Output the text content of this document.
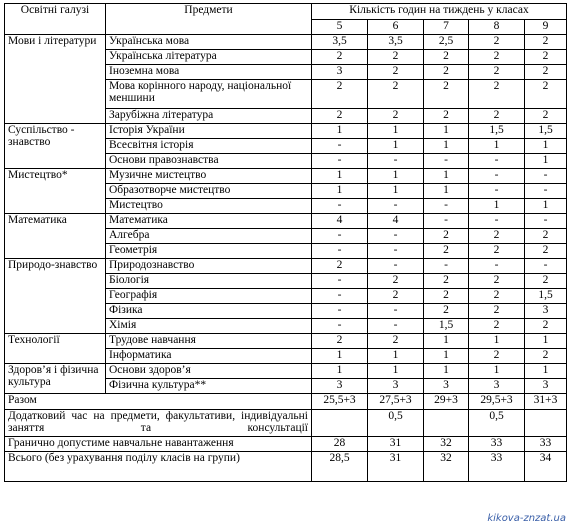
Освітні галузі	Предмети	Кількість годин на тиждень у класах				
		5	6	7	8	9
Мови і літератури	Українська мова	3,5	3,5	2,5	2	2
	Українська література	2	2	2	2	2
	Іноземна мова	3	2	2	2	2
	Мова корінного народу, національної меншини	2	2	2	2	2
	Зарубіжна література	2	2	2	2	2
Суспільство - знавство	Історія України	1	1	1	1,5	1,5
	Всесвітня історія	-	1	1	1	1
	Основи правознавства	-	-	-	-	1
Мистецтво*	Музичне мистецтво	1	1	1	-	-
	Образотворче мистецтво	1	1	1	-	-
	Мистецтво	-	-	-	1	1
Математика	Математика	4	4	-	-	-
	Алгебра	-	-	2	2	2
	Геометрія	-	-	2	2	2
Природо-знавство	Природознавство	2	-	-	-	-
	Біологія	-	2	2	2	2
	Географія	-	2	2	2	1,5
	Фізика	-	-	2	2	3
	Хімія	-	-	1,5	2	2
Технології	Трудове навчання	2	2	1	1	1
	Інформатика	1	1	1	2	2
Здоров’я і фізична культура	Основи здоров’я	1	1	1	1	1
	Фізична культура**	3	3	3	3	3
Разом		25,5+3	27,5+3	29+3	29,5+3	31+3
Додатковий час на предмети, факультативи, індивідуальні заняття та консультації			0,5		0,5	
Гранично допустиме навчальне навантаження		28	31	32	33	33
Всього (без урахування поділу класів на групи)		28,5	31	32	33	34
kikova-znzat.ua
